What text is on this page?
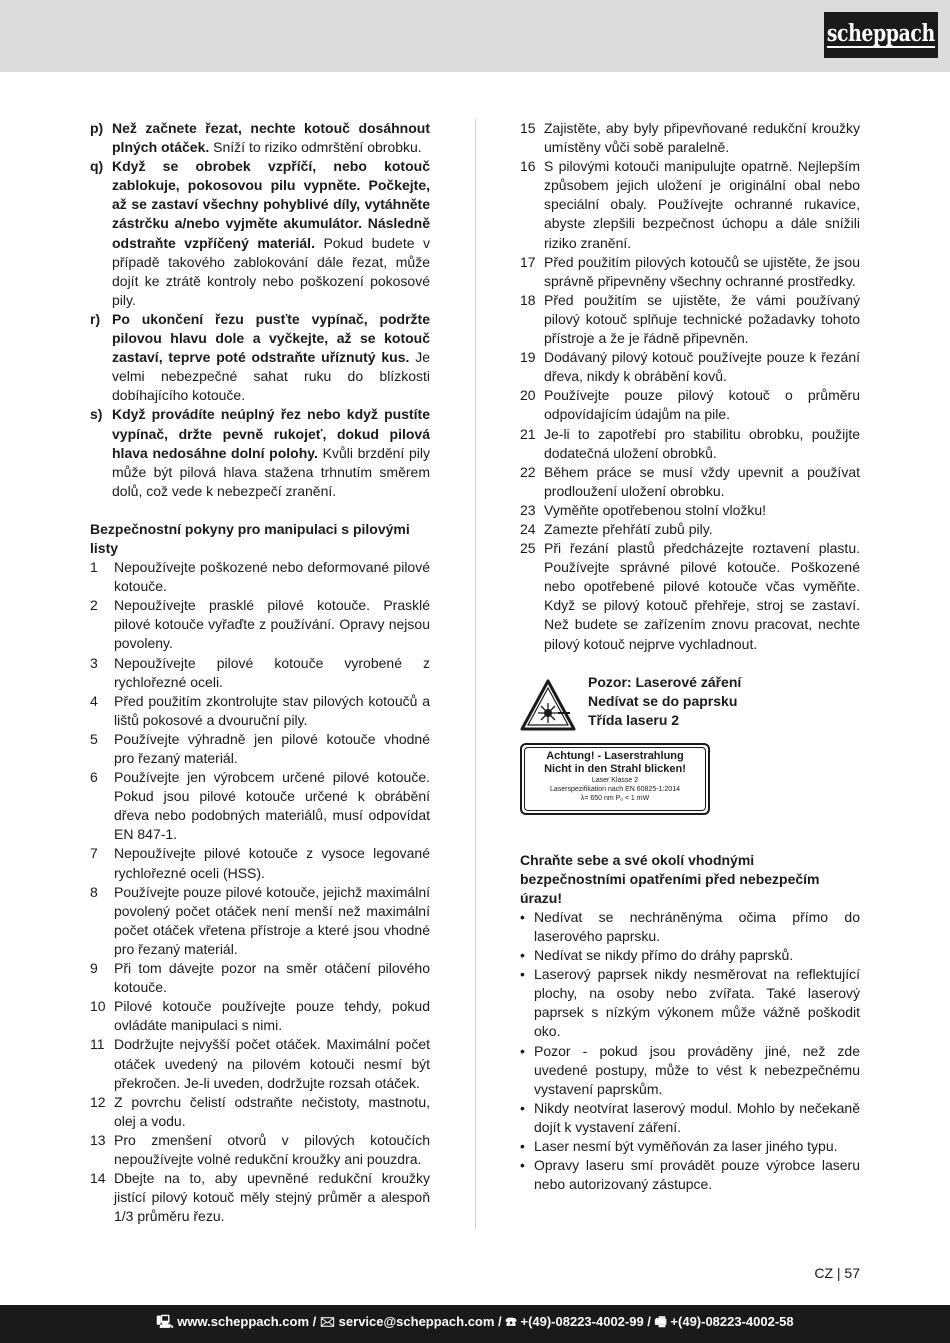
scheppach
p) Než začnete řezat, nechte kotouč dosáhnout plných otáček. Sníží to riziko odmrštění obrobku.
q) Když se obrobek vzpříčí, nebo kotouč zablokuje, pokosovou pilu vypněte. Počkejte, až se zastaví všechny pohyblivé díly, vytáhněte zástrčku a/nebo vyjměte akumulátor. Následně odstraňte vzpříčený materiál. Pokud budete v případě takového zablokování dále řezat, může dojít ke ztrátě kontroly nebo poškození pokosové pily.
r) Po ukončení řezu pusťte vypínač, podržte pilovou hlavu dole a vyčkejte, až se kotouč zastaví, teprve poté odstraňte uříznutý kus. Je velmi nebezpečné sahat ruku do blízkosti dobíhajícího kotouče.
s) Když provádíte neúplný řez nebo když pustíte vypínač, držte pevně rukojeť, dokud pilová hlava nedosáhne dolní polohy. Kvůli brzdění pily může být pilová hlava stažena trhnutím směrem dolů, což vede k nebezpečí zranění.
Bezpečnostní pokyny pro manipulaci s pilovými listy
1	Nepoužívejte poškozené nebo deformované pilové kotouče.
2	Nepoužívejte prasklé pilové kotouče. Prasklé pilové kotouče vyřaďte z používání. Opravy nejsou povoleny.
3	Nepoužívejte pilové kotouče vyrobené z rychlořezné oceli.
4	Před použitím zkontrolujte stav pilových kotoučů a lištů pokosové a dvouruční pily.
5	Používejte výhradně jen pilové kotouče vhodné pro řezaný materiál.
6	Používejte jen výrobcem určené pilové kotouče. Pokud jsou pilové kotouče určené k obrábění dřeva nebo podobných materiálů, musí odpovídat EN 847-1.
7	Nepoužívejte pilové kotouče z vysoce legované rychlořezné oceli (HSS).
8	Používejte pouze pilové kotouče, jejichž maximální povolený počet otáček není menší než maximální počet otáček vřetena přístroje a které jsou vhodné pro řezaný materiál.
9	Při tom dávejte pozor na směr otáčení pilového kotouče.
10 Pilové kotouče používejte pouze tehdy, pokud ovládáte manipulaci s nimi.
11 Dodržujte nejvyšší počet otáček. Maximální počet otáček uvedený na pilovém kotouči nesmí být překročen. Je-li uveden, dodržujte rozsah otáček.
12 Z povrchu čelistí odstraňte nečistoty, mastnotu, olej a vodu.
13 Pro zmenšení otvorů v pilových kotoučích nepoužívejte volné redukční kroužky ani pouzdra.
14 Dbejte na to, aby upevněné redukční kroužky jistící pilový kotouč měly stejný průměr a alespoň 1/3 průměru řezu.
15 Zajistěte, aby byly připevňované redukční kroužky umístěny vůči sobě paralelně.
16 S pilovými kotouči manipulujte opatrně. Nejlepším způsobem jejich uložení je originální obal nebo speciální obaly. Používejte ochranné rukavice, abyste zlepšili bezpečnost úchopu a dále snížili riziko zranění.
17 Před použitím pilových kotoučů se ujistěte, že jsou správně připevněny všechny ochranné prostředky.
18 Před použitím se ujistěte, že vámi používaný pilový kotouč splňuje technické požadavky tohoto přístroje a že je řádně připevněn.
19 Dodávaný pilový kotouč používejte pouze k řezání dřeva, nikdy k obrábění kovů.
20 Používejte pouze pilový kotouč o průměru odpovídajícím údajům na pile.
21 Je-li to zapotřebí pro stabilitu obrobku, použijte dodatečná uložení obrobků.
22 Během práce se musí vždy upevnit a používat prodloužení uložení obrobku.
23 Vyměňte opotřebenou stolní vložku!
24 Zamezte přehřátí zubů pily.
25 Při řezání plastů předcházejte roztavení plastu. Používejte správné pilové kotouče. Poškozené nebo opotřebené pilové kotouče včas vyměňte. Když se pilový kotouč přehřeje, stroj se zastaví. Než budete se zařízením znovu pracovat, nechte pilový kotouč nejprve vychladnout.
Pozor: Laserové záření
Nedívat se do paprsku
Třída laseru 2
Achtung! - Laserstrahlung
Nicht in den Strahl blicken!
Laser Klasse 2
Laserspezifikation nach EN 60825-1:2014
λ= 650 nm Pₒ < 1 mW
Chraňte sebe a své okolí vhodnými bezpečnostními opatřeními před nebezpečím úrazu!
• Nedívat se nechráněnýma očima přímo do laserového paprsku.
• Nedívat se nikdy přímo do dráhy paprsků.
• Laserový paprsek nikdy nesměrovat na reflektující plochy, na osoby nebo zvířata. Také laserový paprsek s nízkým výkonem může vážně poškodit oko.
• Pozor - pokud jsou prováděny jiné, než zde uvedené postupy, může to vést k nebezpečnému vystavení paprskům.
• Nikdy neotvírat laserový modul. Mohlo by nečekaně dojít k vystavení záření.
• Laser nesmí být vyměňován za laser jiného typu.
• Opravy laseru smí provádět pouze výrobce laseru nebo autorizovaný zástupce.
CZ | 57
🖳 www.scheppach.com / 🖂 service@scheppach.com / ☎ +(49)-08223-4002-99 / 🖷 +(49)-08223-4002-58
